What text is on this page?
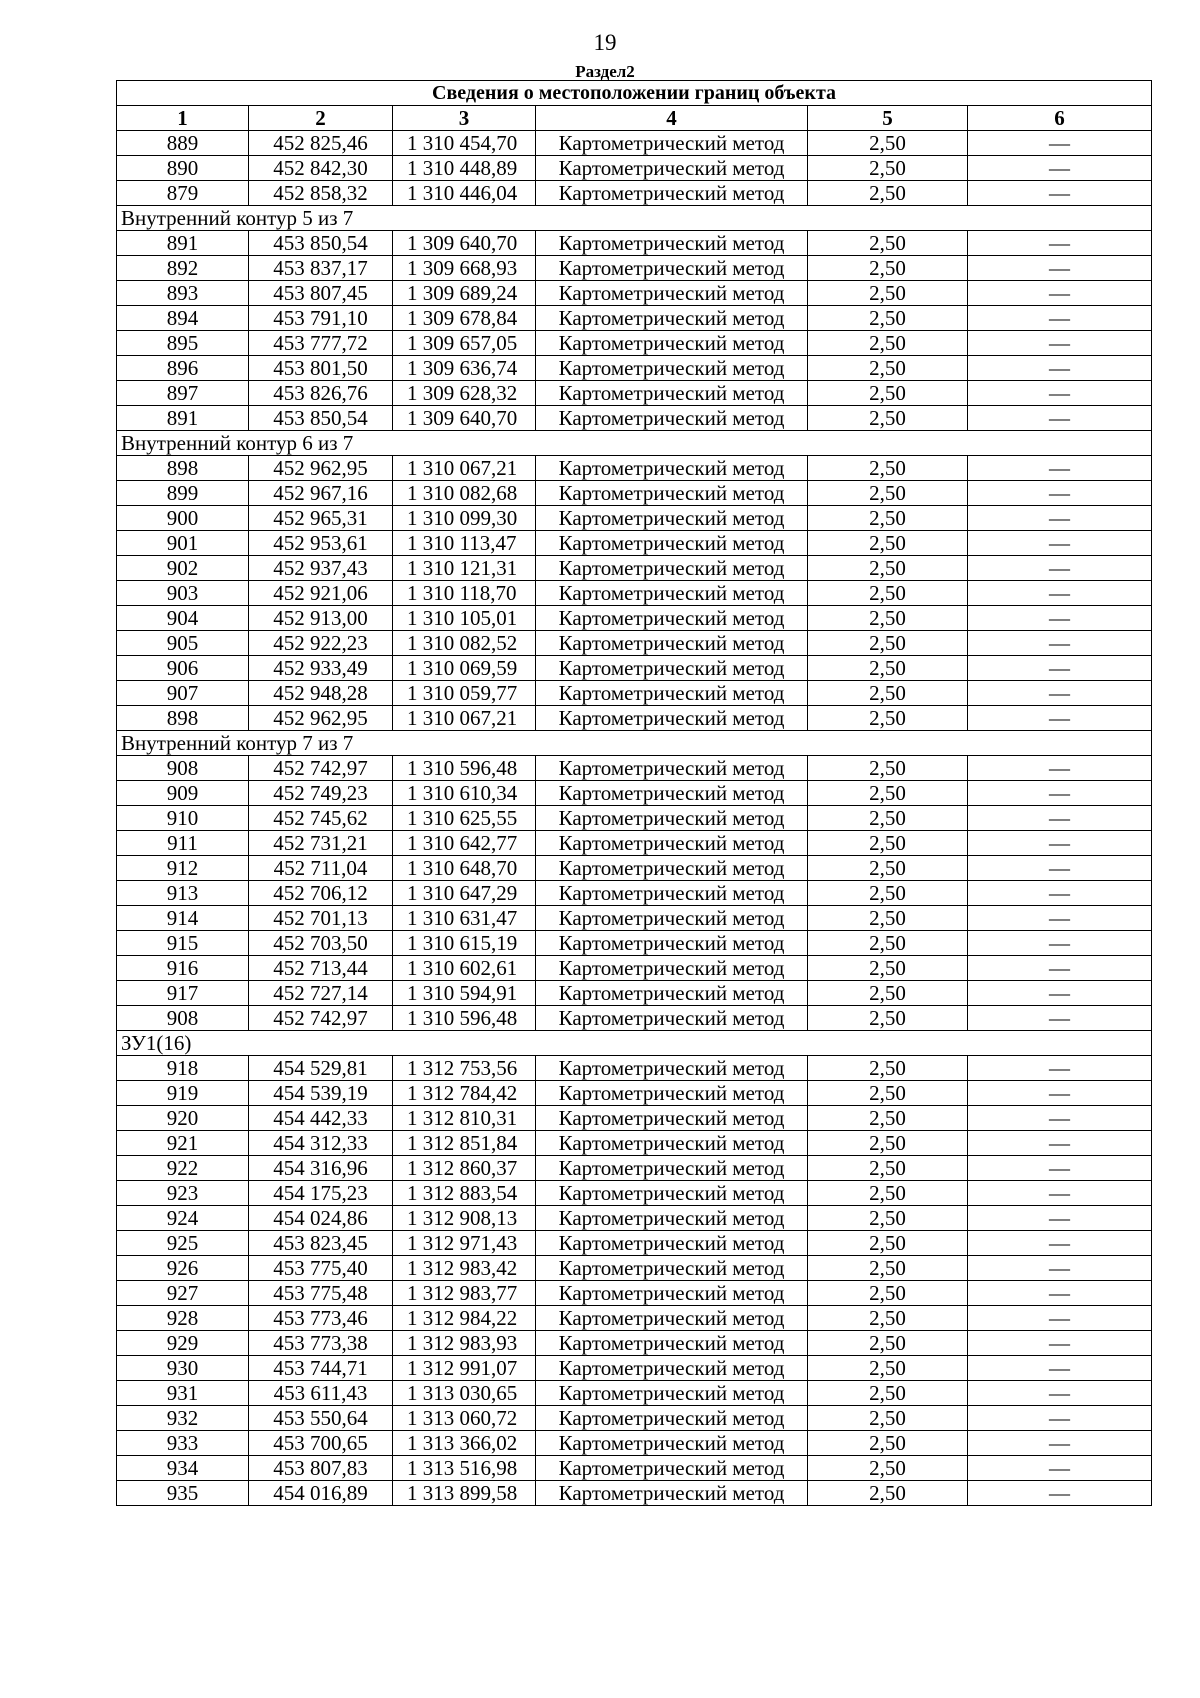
19
Раздел2
Сведения о местоположении границ объекта					
1	2	3	4	5	6
889	452 825,46	1 310 454,70	Картометрический метод	2,50	—
890	452 842,30	1 310 448,89	Картометрический метод	2,50	—
879	452 858,32	1 310 446,04	Картометрический метод	2,50	—
Внутренний контур 5 из 7					
891	453 850,54	1 309 640,70	Картометрический метод	2,50	—
892	453 837,17	1 309 668,93	Картометрический метод	2,50	—
893	453 807,45	1 309 689,24	Картометрический метод	2,50	—
894	453 791,10	1 309 678,84	Картометрический метод	2,50	—
895	453 777,72	1 309 657,05	Картометрический метод	2,50	—
896	453 801,50	1 309 636,74	Картометрический метод	2,50	—
897	453 826,76	1 309 628,32	Картометрический метод	2,50	—
891	453 850,54	1 309 640,70	Картометрический метод	2,50	—
Внутренний контур 6 из 7					
898	452 962,95	1 310 067,21	Картометрический метод	2,50	—
899	452 967,16	1 310 082,68	Картометрический метод	2,50	—
900	452 965,31	1 310 099,30	Картометрический метод	2,50	—
901	452 953,61	1 310 113,47	Картометрический метод	2,50	—
902	452 937,43	1 310 121,31	Картометрический метод	2,50	—
903	452 921,06	1 310 118,70	Картометрический метод	2,50	—
904	452 913,00	1 310 105,01	Картометрический метод	2,50	—
905	452 922,23	1 310 082,52	Картометрический метод	2,50	—
906	452 933,49	1 310 069,59	Картометрический метод	2,50	—
907	452 948,28	1 310 059,77	Картометрический метод	2,50	—
898	452 962,95	1 310 067,21	Картометрический метод	2,50	—
Внутренний контур 7 из 7					
908	452 742,97	1 310 596,48	Картометрический метод	2,50	—
909	452 749,23	1 310 610,34	Картометрический метод	2,50	—
910	452 745,62	1 310 625,55	Картометрический метод	2,50	—
911	452 731,21	1 310 642,77	Картометрический метод	2,50	—
912	452 711,04	1 310 648,70	Картометрический метод	2,50	—
913	452 706,12	1 310 647,29	Картометрический метод	2,50	—
914	452 701,13	1 310 631,47	Картометрический метод	2,50	—
915	452 703,50	1 310 615,19	Картометрический метод	2,50	—
916	452 713,44	1 310 602,61	Картометрический метод	2,50	—
917	452 727,14	1 310 594,91	Картометрический метод	2,50	—
908	452 742,97	1 310 596,48	Картометрический метод	2,50	—
ЗУ1(16)					
918	454 529,81	1 312 753,56	Картометрический метод	2,50	—
919	454 539,19	1 312 784,42	Картометрический метод	2,50	—
920	454 442,33	1 312 810,31	Картометрический метод	2,50	—
921	454 312,33	1 312 851,84	Картометрический метод	2,50	—
922	454 316,96	1 312 860,37	Картометрический метод	2,50	—
923	454 175,23	1 312 883,54	Картометрический метод	2,50	—
924	454 024,86	1 312 908,13	Картометрический метод	2,50	—
925	453 823,45	1 312 971,43	Картометрический метод	2,50	—
926	453 775,40	1 312 983,42	Картометрический метод	2,50	—
927	453 775,48	1 312 983,77	Картометрический метод	2,50	—
928	453 773,46	1 312 984,22	Картометрический метод	2,50	—
929	453 773,38	1 312 983,93	Картометрический метод	2,50	—
930	453 744,71	1 312 991,07	Картометрический метод	2,50	—
931	453 611,43	1 313 030,65	Картометрический метод	2,50	—
932	453 550,64	1 313 060,72	Картометрический метод	2,50	—
933	453 700,65	1 313 366,02	Картометрический метод	2,50	—
934	453 807,83	1 313 516,98	Картометрический метод	2,50	—
935	454 016,89	1 313 899,58	Картометрический метод	2,50	—
